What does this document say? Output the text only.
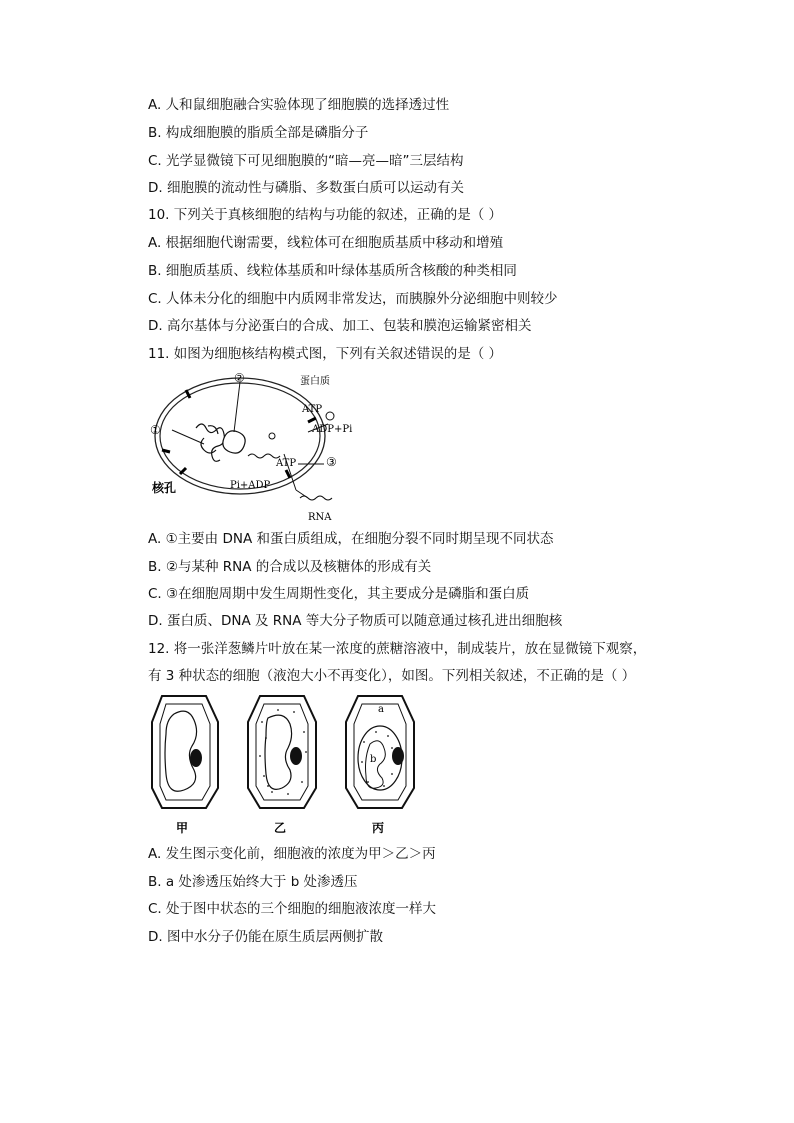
A. 人和鼠细胞融合实验体现了细胞膜的选择透过性
B. 构成细胞膜的脂质全部是磷脂分子
C. 光学显微镜下可见细胞膜的“暗—亮—暗”三层结构
D. 细胞膜的流动性与磷脂、多数蛋白质可以运动有关
10. 下列关于真核细胞的结构与功能的叙述，正确的是（ ）
A. 根据细胞代谢需要，线粒体可在细胞质基质中移动和增殖
B. 细胞质基质、线粒体基质和叶绿体基质所含核酸的种类相同
C. 人体未分化的细胞中内质网非常发达，而胰腺外分泌细胞中则较少
D. 高尔基体与分泌蛋白的合成、加工、包装和膜泡运输紧密相关
11. 如图为细胞核结构模式图，下列有关叙述错误的是（ ）
②
①
③
蛋白质
ATP
ADP+Pi
ATP
Pi+ADP
RNA
核孔
A. ①主要由 DNA 和蛋白质组成，在细胞分裂不同时期呈现不同状态
B. ②与某种 RNA 的合成以及核糖体的形成有关
C. ③在细胞周期中发生周期性变化，其主要成分是磷脂和蛋白质
D. 蛋白质、DNA 及 RNA 等大分子物质可以随意通过核孔进出细胞核
12. 将一张洋葱鳞片叶放在某一浓度的蔗糖溶液中，制成装片，放在显微镜下观察，
有 3 种状态的细胞（液泡大小不再变化），如图。下列相关叙述，不正确的是（ ）
a
b
甲	乙	丙
A. 发生图示变化前，细胞液的浓度为甲＞乙＞丙
B. a 处渗透压始终大于 b 处渗透压
C. 处于图中状态的三个细胞的细胞液浓度一样大
D. 图中水分子仍能在原生质层两侧扩散
